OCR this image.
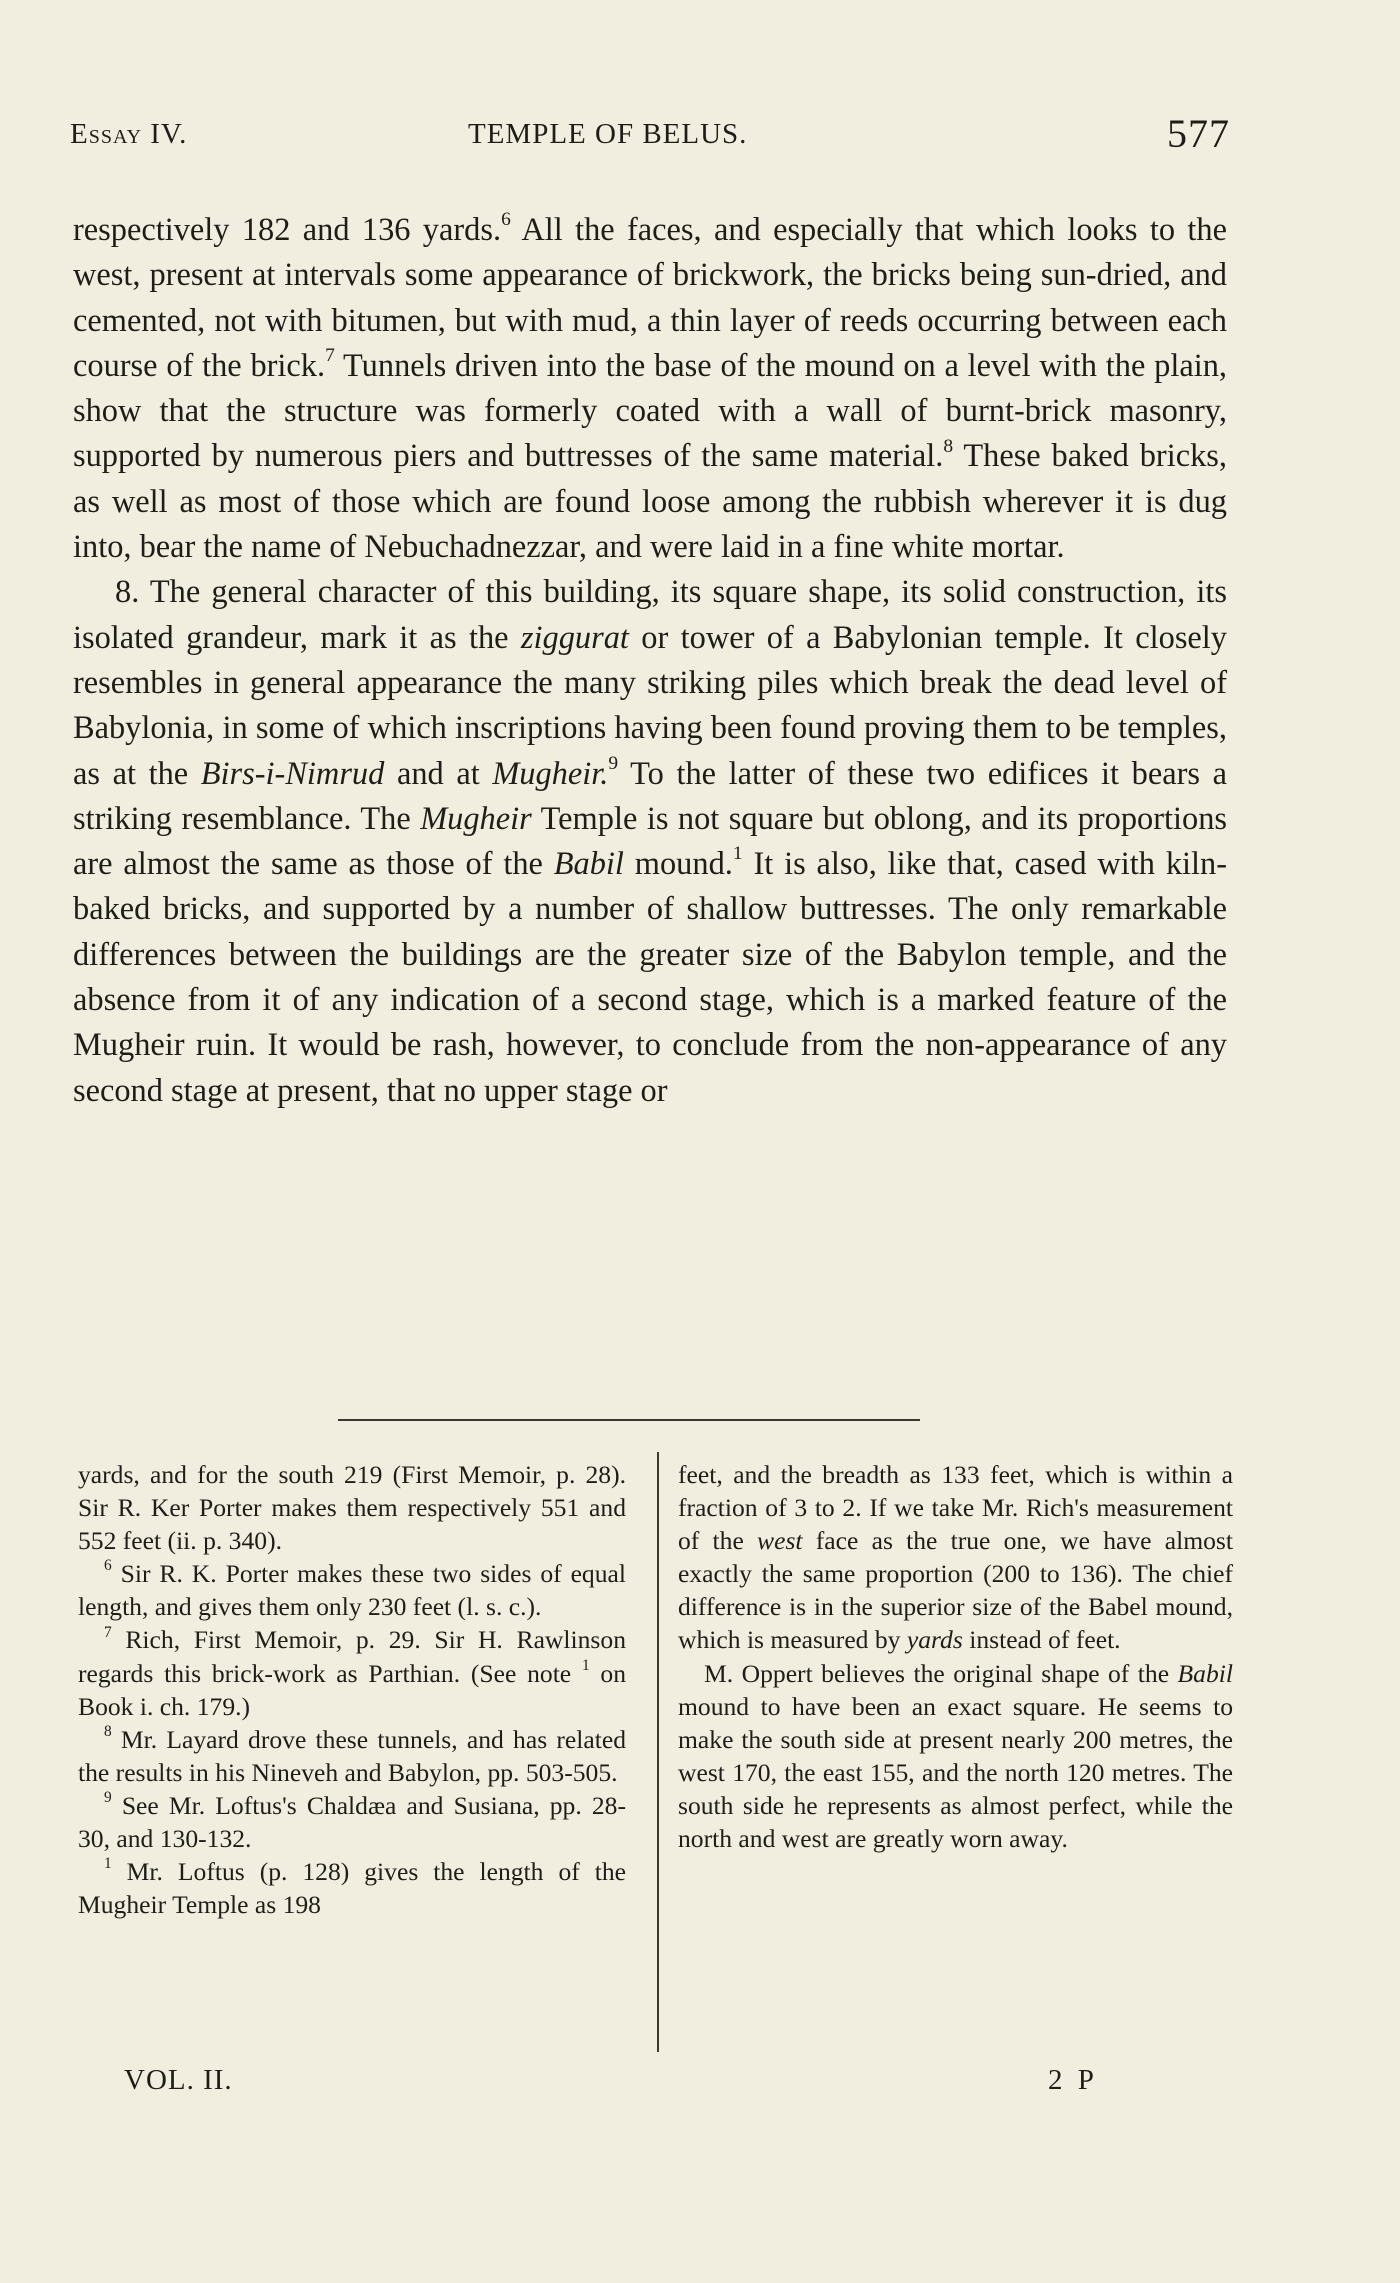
Essay IV.	TEMPLE OF BELUS.	577

respectively 182 and 136 yards.$^6$ All the faces, and especially that which looks to the west, present at intervals some appearance of brickwork, the bricks being sun-dried, and cemented, not with bitumen, but with mud, a thin layer of reeds occurring between each course of the brick.$^7$ Tunnels driven into the base of the mound on a level with the plain, show that the structure was formerly coated with a wall of burnt-brick masonry, supported by numerous piers and buttresses of the same material.$^8$ These baked bricks, as well as most of those which are found loose among the rubbish wherever it is dug into, bear the name of Nebuchadnezzar, and were laid in a fine white mortar.

8. The general character of this building, its square shape, its solid construction, its isolated grandeur, mark it as the ziggurat or tower of a Babylonian temple. It closely resembles in general appearance the many striking piles which break the dead level of Babylonia, in some of which inscriptions having been found proving them to be temples, as at the Birs-i-Nimrud and at Mugheir.$^9$ To the latter of these two edifices it bears a striking resemblance. The Mugheir Temple is not square but oblong, and its proportions are almost the same as those of the Babil mound.$^1$ It is also, like that, cased with kiln-baked bricks, and supported by a number of shallow buttresses. The only remarkable differences between the buildings are the greater size of the Babylon temple, and the absence from it of any indication of a second stage, which is a marked feature of the Mugheir ruin. It would be rash, however, to conclude from the non-appearance of any second stage at present, that no upper stage or

yards, and for the south 219 (First Memoir, p. 28). Sir R. Ker Porter makes them respectively 551 and 552 feet (ii. p. 340).

$^6$ Sir R. K. Porter makes these two sides of equal length, and gives them only 230 feet (l. s. c.).

$^7$ Rich, First Memoir, p. 29. Sir H. Rawlinson regards this brick-work as Parthian. (See note $^1$ on Book i. ch. 179.)

$^8$ Mr. Layard drove these tunnels, and has related the results in his Nineveh and Babylon, pp. 503-505.

$^9$ See Mr. Loftus's Chaldæa and Susiana, pp. 28-30, and 130-132.

$^1$ Mr. Loftus (p. 128) gives the length of the Mugheir Temple as 198

feet, and the breadth as 133 feet, which is within a fraction of 3 to 2. If we take Mr. Rich's measurement of the west face as the true one, we have almost exactly the same proportion (200 to 136). The chief difference is in the superior size of the Babel mound, which is measured by yards instead of feet.

M. Oppert believes the original shape of the Babil mound to have been an exact square. He seems to make the south side at present nearly 200 metres, the west 170, the east 155, and the north 120 metres. The south side he represents as almost perfect, while the north and west are greatly worn away.

VOL. II.	2 P
